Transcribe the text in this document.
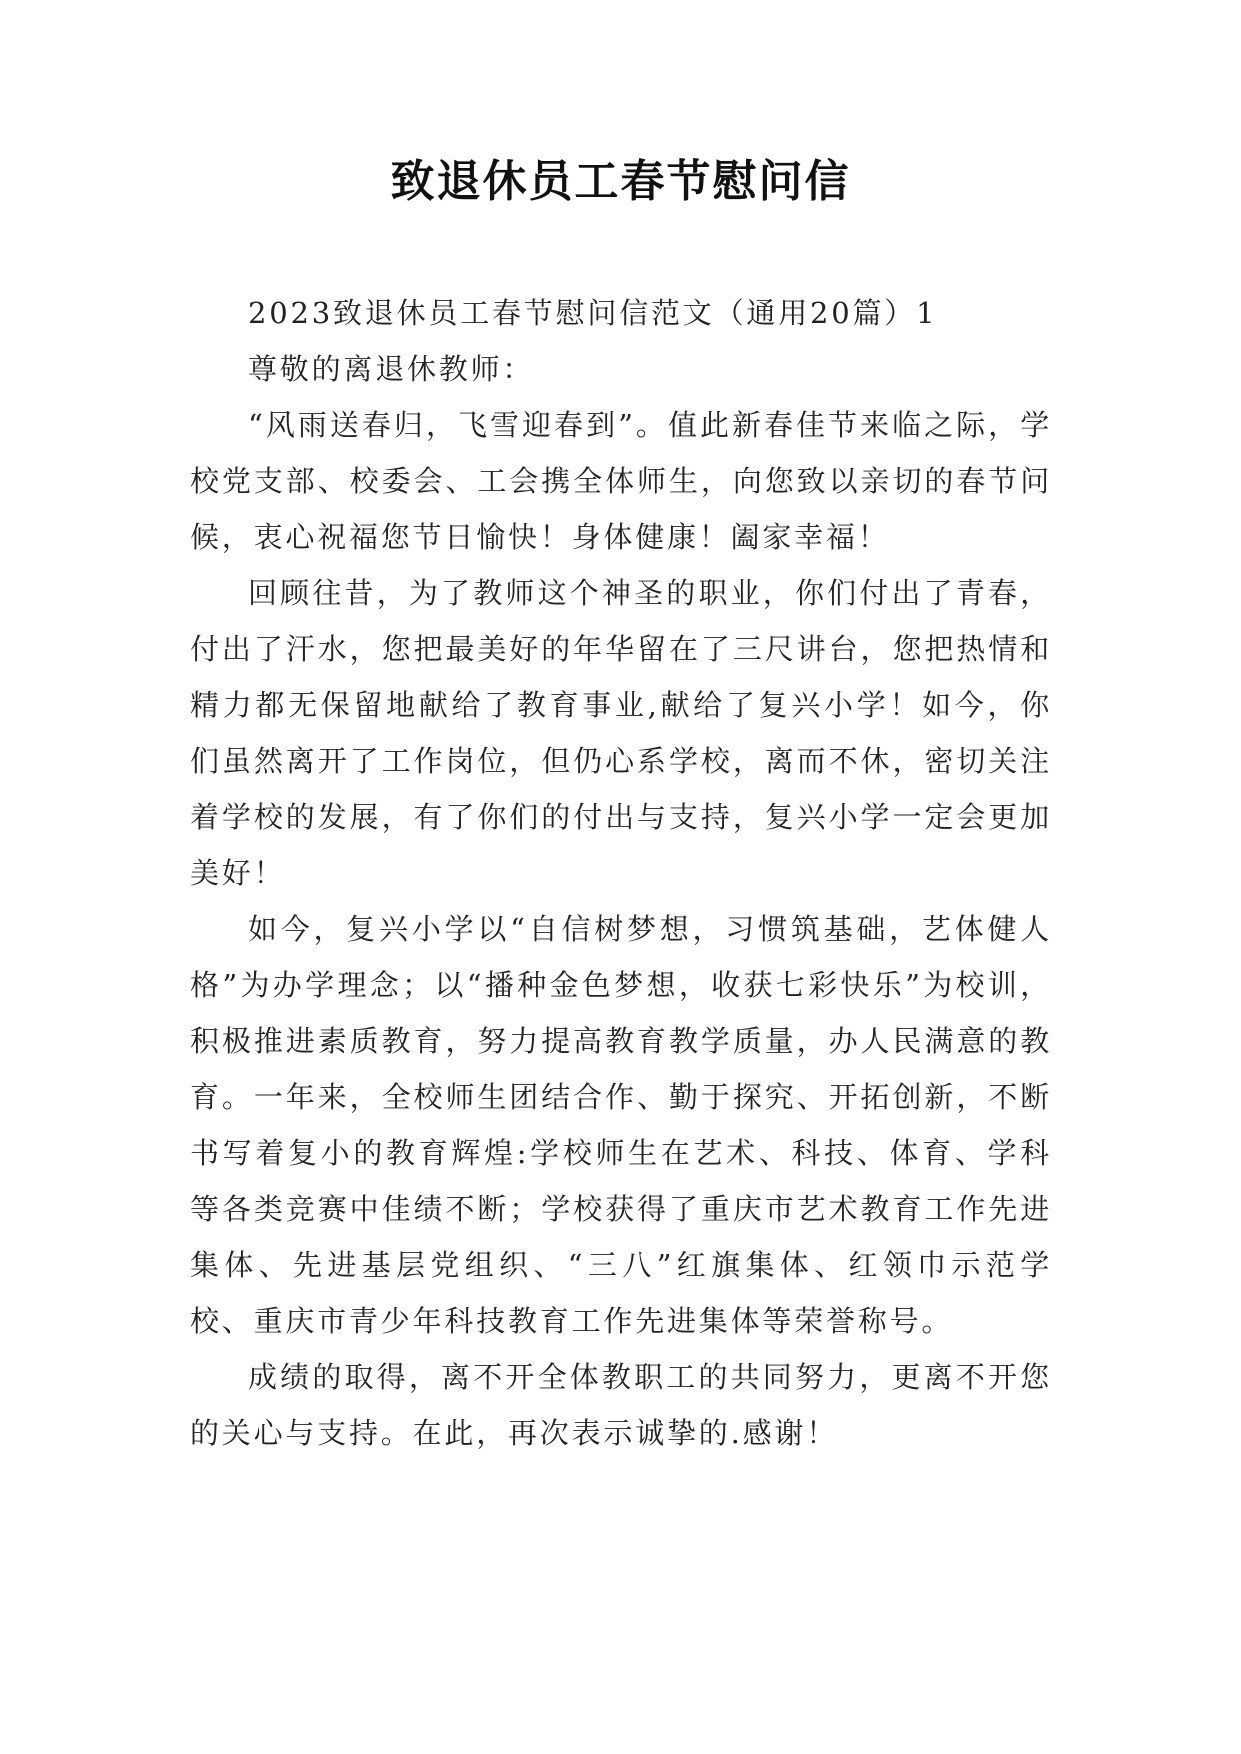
致退休员工春节慰问信

2023致退休员工春节慰问信范文（通用20篇）1

尊敬的离退休教师：

“风雨送春归，飞雪迎春到”。值此新春佳节来临之际，学校党支部、校委会、工会携全体师生，向您致以亲切的春节问候，衷心祝福您节日愉快！身体健康！阖家幸福！

回顾往昔，为了教师这个神圣的职业，你们付出了青春，付出了汗水，您把最美好的年华留在了三尺讲台，您把热情和精力都无保留地献给了教育事业,献给了复兴小学！如今，你们虽然离开了工作岗位，但仍心系学校，离而不休，密切关注着学校的发展，有了你们的付出与支持，复兴小学一定会更加美好！

如今，复兴小学以“自信树梦想，习惯筑基础，艺体健人格”为办学理念；以“播种金色梦想，收获七彩快乐”为校训，积极推进素质教育，努力提高教育教学质量，办人民满意的教育。一年来，全校师生团结合作、勤于探究、开拓创新，不断书写着复小的教育辉煌:学校师生在艺术、科技、体育、学科等各类竞赛中佳绩不断；学校获得了重庆市艺术教育工作先进集体、先进基层党组织、“三八”红旗集体、红领巾示范学校、重庆市青少年科技教育工作先进集体等荣誉称号。

成绩的取得，离不开全体教职工的共同努力，更离不开您的关心与支持。在此，再次表示诚挚的.感谢！
